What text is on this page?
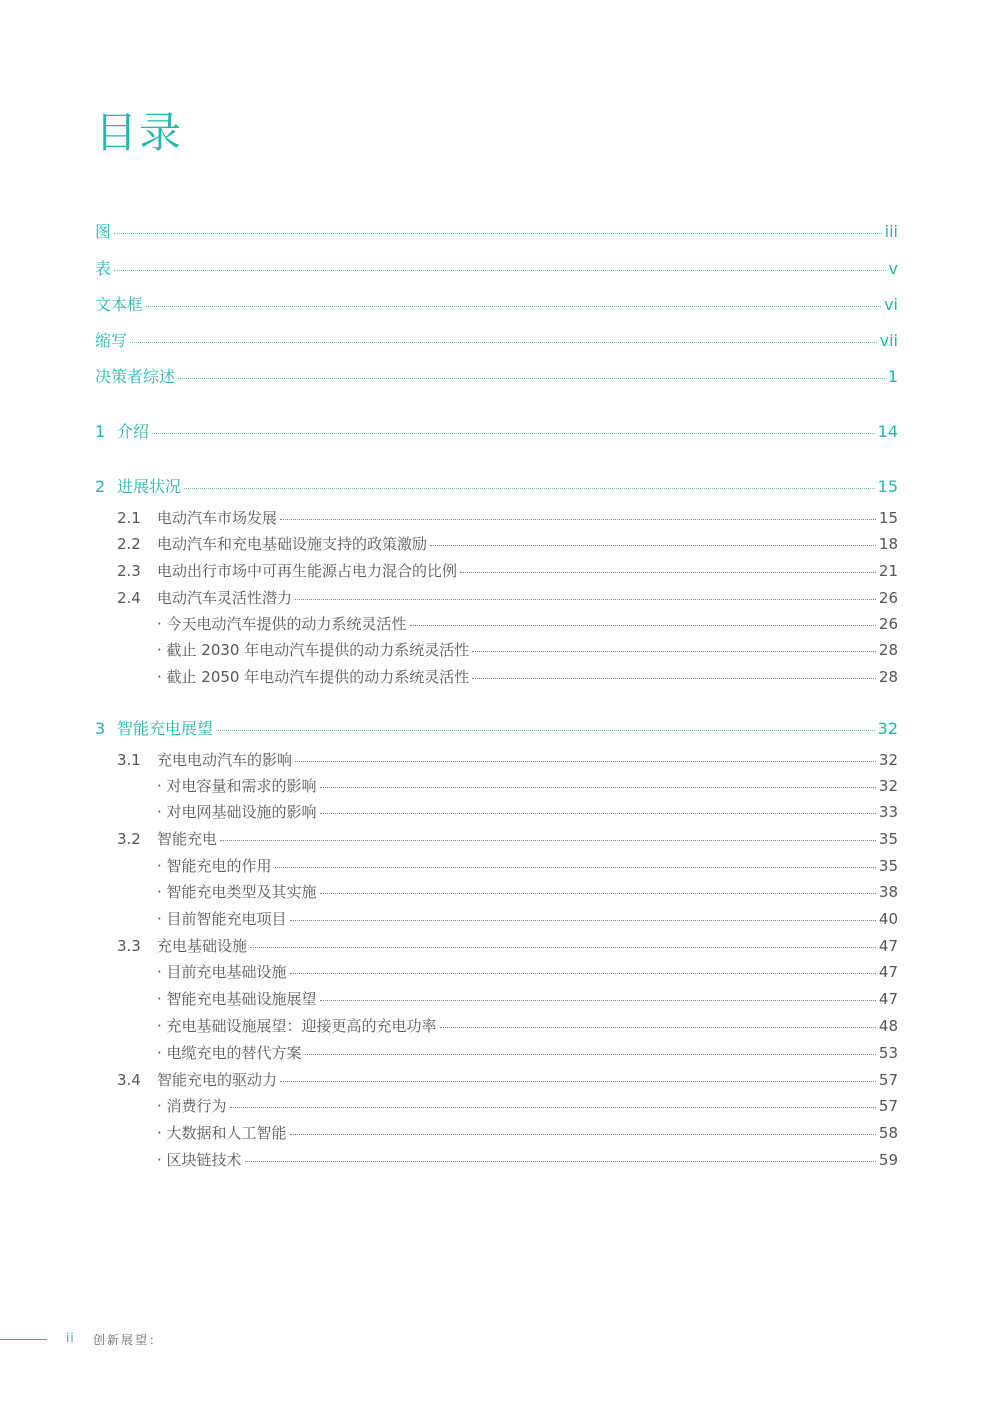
目录
图	iii
表	v
文本框	vi
缩写	vii
决策者综述	1
1 介绍	14
2 进展状况	15
2.1	电动汽车市场发展	15
2.2	电动汽车和充电基础设施支持的政策激励	18
2.3	电动出行市场中可再生能源占电力混合的比例	21
2.4	电动汽车灵活性潜力	26
· 今天电动汽车提供的动力系统灵活性	26
· 截止 2030 年电动汽车提供的动力系统灵活性	28
· 截止 2050 年电动汽车提供的动力系统灵活性	28
3 智能充电展望	32
3.1	充电电动汽车的影响	32
· 对电容量和需求的影响	32
· 对电网基础设施的影响	33
3.2	智能充电	35
· 智能充电的作用	35
· 智能充电类型及其实施	38
· 目前智能充电项目	40
3.3	充电基础设施	47
· 目前充电基础设施	47
· 智能充电基础设施展望	47
· 充电基础设施展望：迎接更高的充电功率	48
· 电缆充电的替代方案	53
3.4	智能充电的驱动力	57
· 消费行为	57
· 大数据和人工智能	58
· 区块链技术	59
ii 创新展望：
